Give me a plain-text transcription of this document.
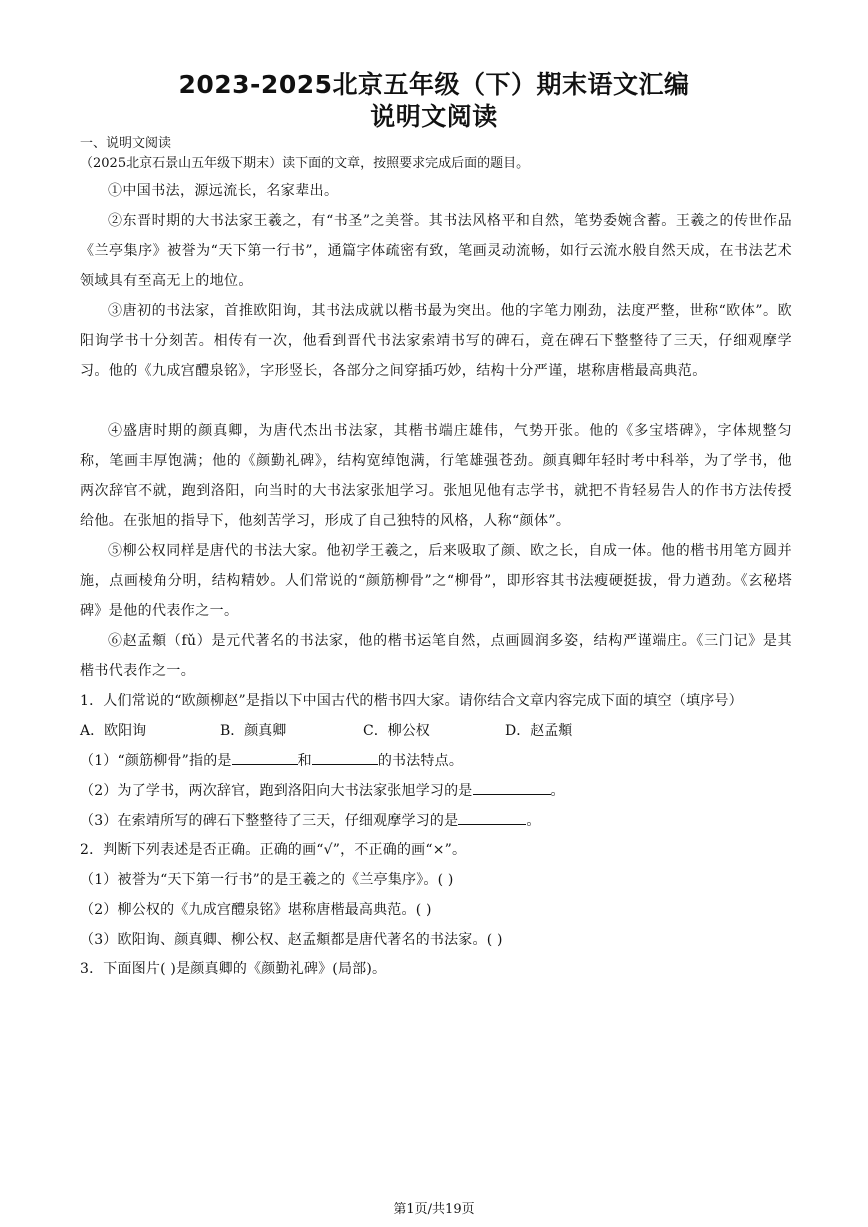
2023-2025北京五年级（下）期末语文汇编
说明文阅读
一、说明文阅读
（2025北京石景山五年级下期末）读下面的文章，按照要求完成后面的题目。

①中国书法，源远流长，名家辈出。

②东晋时期的大书法家王羲之，有“书圣”之美誉。其书法风格平和自然，笔势委婉含蓄。王羲之的传世作品《兰亭集序》被誉为“天下第一行书”，通篇字体疏密有致，笔画灵动流畅，如行云流水般自然天成，在书法艺术领域具有至高无上的地位。

③唐初的书法家，首推欧阳询，其书法成就以楷书最为突出。他的字笔力刚劲，法度严整，世称“欧体”。欧阳询学书十分刻苦。相传有一次，他看到晋代书法家索靖书写的碑石，竟在碑石下整整待了三天，仔细观摩学习。他的《九成宫醴泉铭》，字形竖长，各部分之间穿插巧妙，结构十分严谨，堪称唐楷最高典范。

④盛唐时期的颜真卿，为唐代杰出书法家，其楷书端庄雄伟，气势开张。他的《多宝塔碑》，字体规整匀称，笔画丰厚饱满；他的《颜勤礼碑》，结构宽绰饱满，行笔雄强苍劲。颜真卿年轻时考中科举，为了学书，他两次辞官不就，跑到洛阳，向当时的大书法家张旭学习。张旭见他有志学书，就把不肯轻易告人的作书方法传授给他。在张旭的指导下，他刻苦学习，形成了自己独特的风格，人称“颜体”。

⑤柳公权同样是唐代的书法大家。他初学王羲之，后来吸取了颜、欧之长，自成一体。他的楷书用笔方圆并施，点画棱角分明，结构精妙。人们常说的“颜筋柳骨”之“柳骨”，即形容其书法瘦硬挺拔，骨力遒劲。《玄秘塔碑》是他的代表作之一。

⑥赵孟頫（fǔ）是元代著名的书法家，他的楷书运笔自然，点画圆润多姿，结构严谨端庄。《三门记》是其楷书代表作之一。

1．人们常说的“欧颜柳赵”是指以下中国古代的楷书四大家。请你结合文章内容完成下面的填空（填序号）
A．欧阳询	B．颜真卿	C．柳公权	D．赵孟頫
（1）“颜筋柳骨”指的是	和	的书法特点。
（2）为了学书，两次辞官，跑到洛阳向大书法家张旭学习的是	。
（3）在索靖所写的碑石下整整待了三天，仔细观摩学习的是	。
2．判断下列表述是否正确。正确的画“√”，不正确的画“×”。
（1）被誉为“天下第一行书”的是王羲之的《兰亭集序》。( )
（2）柳公权的《九成宫醴泉铭》堪称唐楷最高典范。( )
（3）欧阳询、颜真卿、柳公权、赵孟頫都是唐代著名的书法家。( )
3．下面图片( )是颜真卿的《颜勤礼碑》(局部)。
第1页/共19页
